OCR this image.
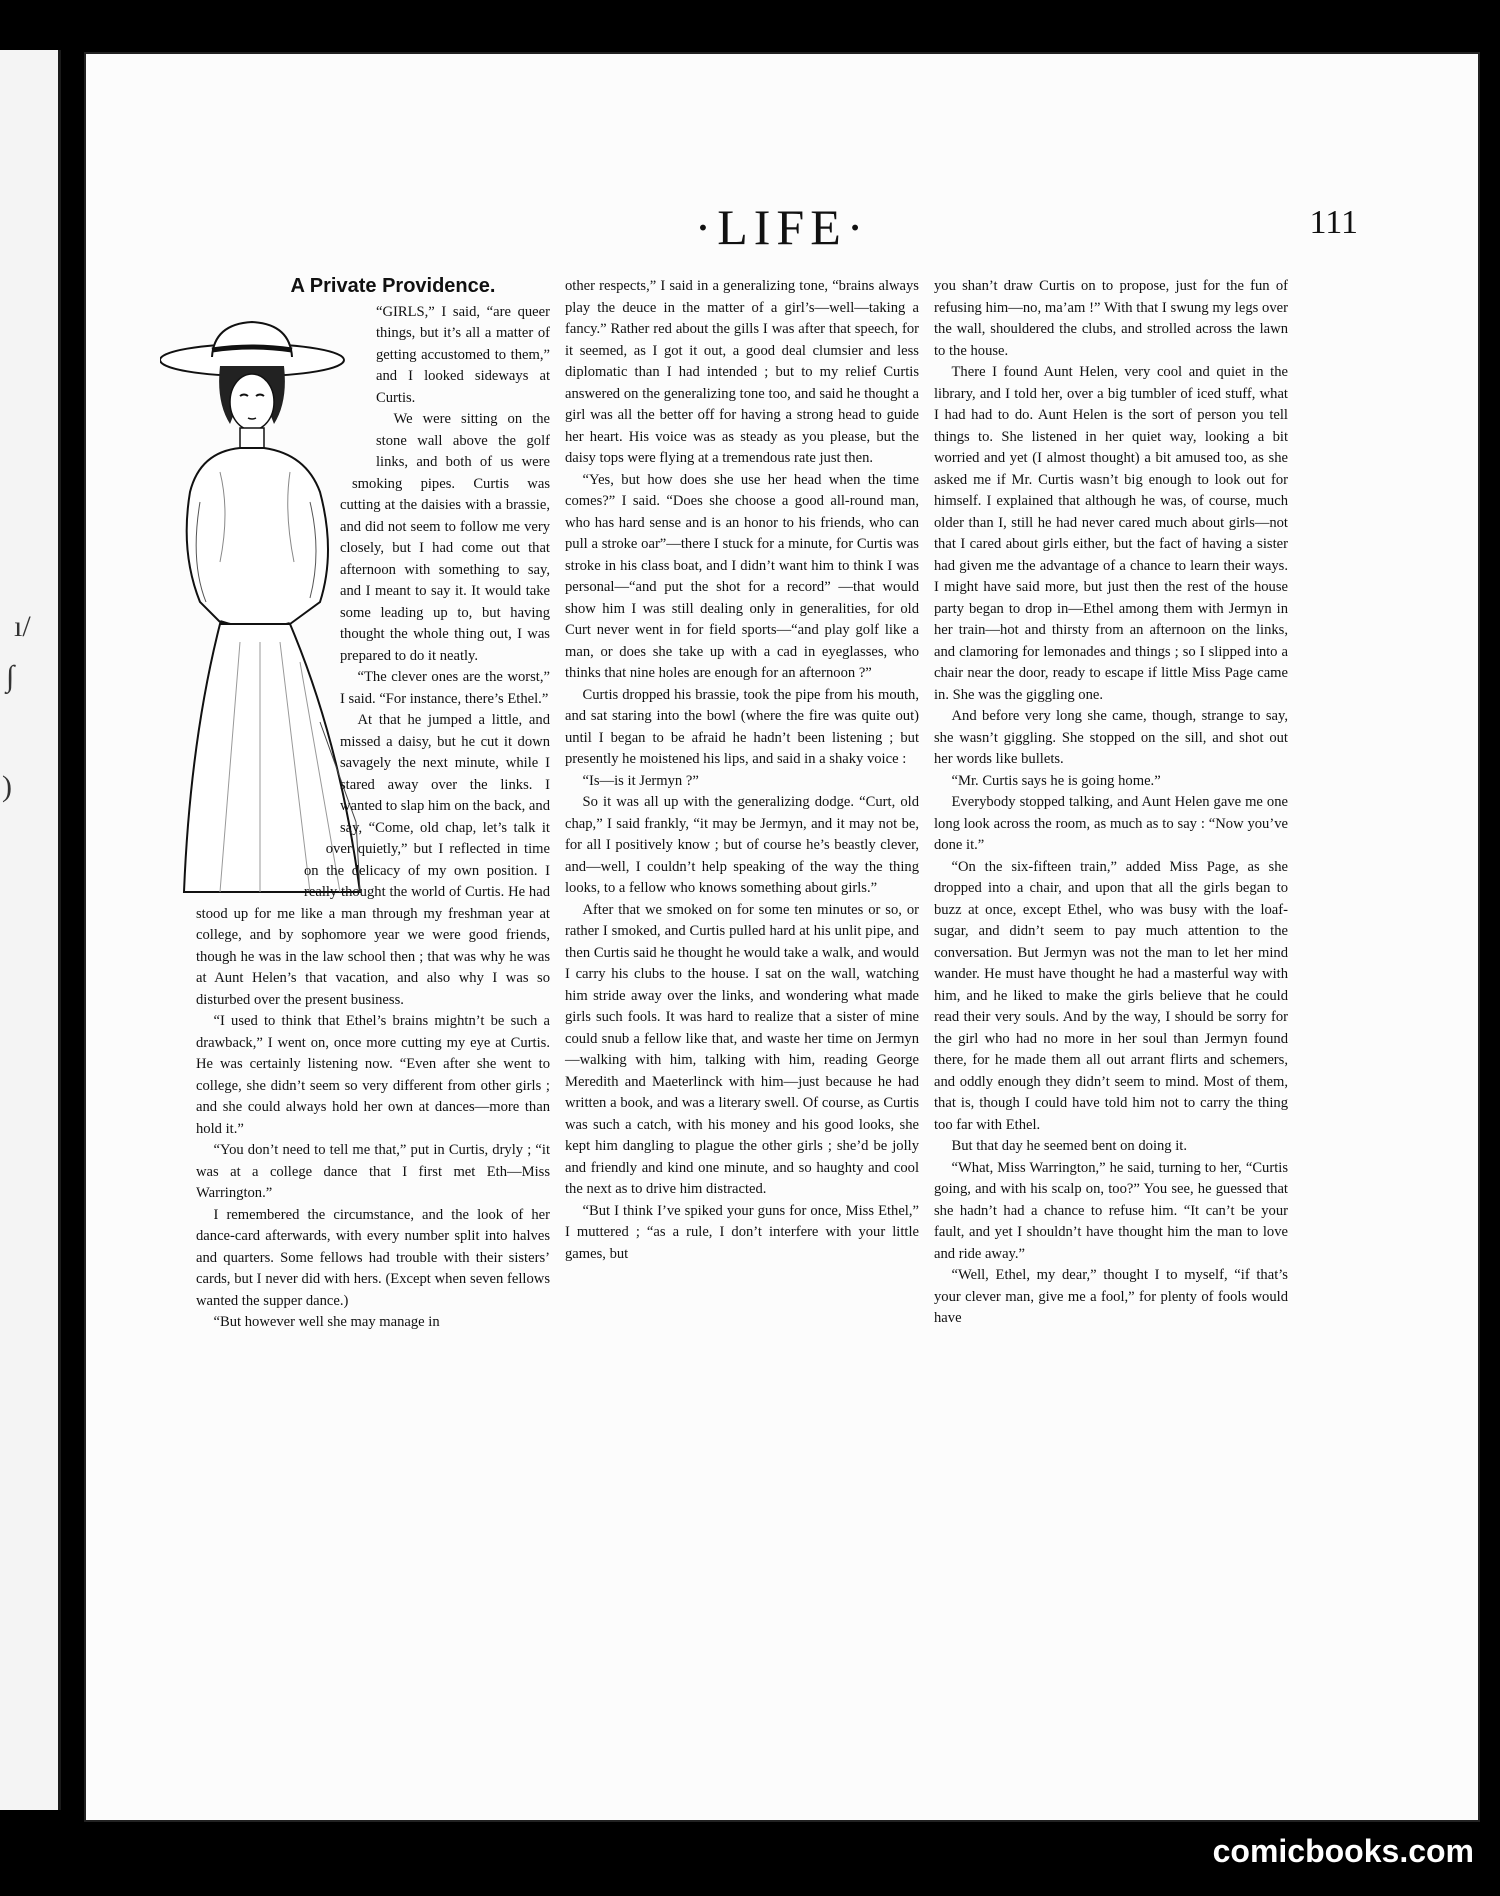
ı/
∫
)
·LIFE·	111
A Private Providence.

“GIRLS,” I said, “are queer things, but it’s all a matter of getting accustomed to them,” and I looked sideways at Curtis.

We were sitting on the stone wall above the golf links, and both of us were smoking pipes. Curtis was cutting at the daisies with a brassie, and did not seem to follow me very closely, but I had come out that afternoon with something to say, and I meant to say it. It would take some leading up to, but having thought the whole thing out, I was prepared to do it neatly.

“The clever ones are the worst,” I said. “For instance, there’s Ethel.”

At that he jumped a little, and missed a daisy, but he cut it down savagely the next minute, while I stared away over the links. I wanted to slap him on the back, and say, “Come, old chap, let’s talk it over quietly,” but I reflected in time on the delicacy of my own position. I really thought the world of Curtis. He had stood up for me like a man through my freshman year at college, and by sophomore year we were good friends, though he was in the law school then ; that was why he was at Aunt Helen’s that vacation, and also why I was so disturbed over the present business.

“I used to think that Ethel’s brains mightn’t be such a drawback,” I went on, once more cutting my eye at Curtis. He was certainly listening now. “Even after she went to college, she didn’t seem so very different from other girls ; and she could always hold her own at dances—more than hold it.”

“You don’t need to tell me that,” put in Curtis, dryly ; “it was at a college dance that I first met Eth—Miss Warrington.”

I remembered the circumstance, and the look of her dance-card afterwards, with every number split into halves and quarters. Some fellows had trouble with their sisters’ cards, but I never did with hers. (Except when seven fellows wanted the supper dance.)

“But however well she may manage in

other respects,” I said in a generalizing tone, “brains always play the deuce in the matter of a girl’s—well—taking a fancy.” Rather red about the gills I was after that speech, for it seemed, as I got it out, a good deal clumsier and less diplomatic than I had intended ; but to my relief Curtis answered on the generalizing tone too, and said he thought a girl was all the better off for having a strong head to guide her heart. His voice was as steady as you please, but the daisy tops were flying at a tremendous rate just then.

“Yes, but how does she use her head when the time comes?” I said. “Does she choose a good all-round man, who has hard sense and is an honor to his friends, who can pull a stroke oar”—there I stuck for a minute, for Curtis was stroke in his class boat, and I didn’t want him to think I was personal—“and put the shot for a record” —that would show him I was still dealing only in generalities, for old Curt never went in for field sports—“and play golf like a man, or does she take up with a cad in eyeglasses, who thinks that nine holes are enough for an afternoon ?”

Curtis dropped his brassie, took the pipe from his mouth, and sat staring into the bowl (where the fire was quite out) until I began to be afraid he hadn’t been listening ; but presently he moistened his lips, and said in a shaky voice :

“Is—is it Jermyn ?”

So it was all up with the generalizing dodge. “Curt, old chap,” I said frankly, “it may be Jermyn, and it may not be, for all I positively know ; but of course he’s beastly clever, and—well, I couldn’t help speaking of the way the thing looks, to a fellow who knows something about girls.”

After that we smoked on for some ten minutes or so, or rather I smoked, and Curtis pulled hard at his unlit pipe, and then Curtis said he thought he would take a walk, and would I carry his clubs to the house. I sat on the wall, watching him stride away over the links, and wondering what made girls such fools. It was hard to realize that a sister of mine could snub a fellow like that, and waste her time on Jermyn—walking with him, talking with him, reading George Meredith and Maeterlinck with him—just because he had written a book, and was a literary swell. Of course, as Curtis was such a catch, with his money and his good looks, she kept him dangling to plague the other girls ; she’d be jolly and friendly and kind one minute, and so haughty and cool the next as to drive him distracted.

“But I think I’ve spiked your guns for once, Miss Ethel,” I muttered ; “as a rule, I don’t interfere with your little games, but

you shan’t draw Curtis on to propose, just for the fun of refusing him—no, ma’am !” With that I swung my legs over the wall, shouldered the clubs, and strolled across the lawn to the house.

There I found Aunt Helen, very cool and quiet in the library, and I told her, over a big tumbler of iced stuff, what I had had to do. Aunt Helen is the sort of person you tell things to. She listened in her quiet way, looking a bit worried and yet (I almost thought) a bit amused too, as she asked me if Mr. Curtis wasn’t big enough to look out for himself. I explained that although he was, of course, much older than I, still he had never cared much about girls—not that I cared about girls either, but the fact of having a sister had given me the advantage of a chance to learn their ways. I might have said more, but just then the rest of the house party began to drop in—Ethel among them with Jermyn in her train—hot and thirsty from an afternoon on the links, and clamoring for lemonades and things ; so I slipped into a chair near the door, ready to escape if little Miss Page came in. She was the giggling one.

And before very long she came, though, strange to say, she wasn’t giggling. She stopped on the sill, and shot out her words like bullets.

“Mr. Curtis says he is going home.”

Everybody stopped talking, and Aunt Helen gave me one long look across the room, as much as to say : “Now you’ve done it.”

“On the six-fifteen train,” added Miss Page, as she dropped into a chair, and upon that all the girls began to buzz at once, except Ethel, who was busy with the loaf-sugar, and didn’t seem to pay much attention to the conversation. But Jermyn was not the man to let her mind wander. He must have thought he had a masterful way with him, and he liked to make the girls believe that he could read their very souls. And by the way, I should be sorry for the girl who had no more in her soul than Jermyn found there, for he made them all out arrant flirts and schemers, and oddly enough they didn’t seem to mind. Most of them, that is, though I could have told him not to carry the thing too far with Ethel.

But that day he seemed bent on doing it.

“What, Miss Warrington,” he said, turning to her, “Curtis going, and with his scalp on, too?” You see, he guessed that she hadn’t had a chance to refuse him. “It can’t be your fault, and yet I shouldn’t have thought him the man to love and ride away.”

“Well, Ethel, my dear,” thought I to myself, “if that’s your clever man, give me a fool,” for plenty of fools would have

comicbooks.com
